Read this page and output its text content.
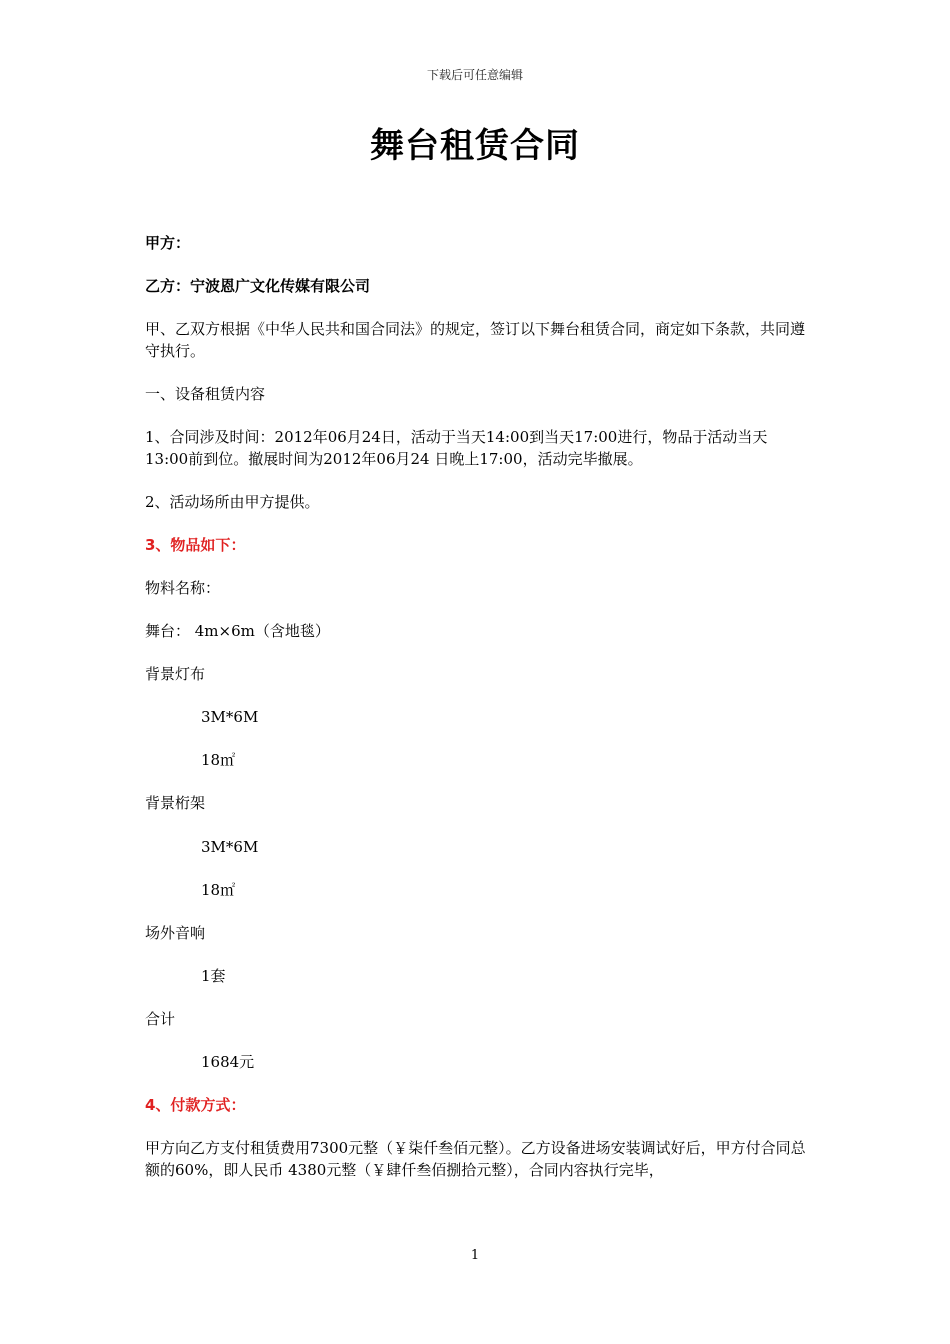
下载后可任意编辑
舞台租赁合同
甲方：
乙方：宁波恩广文化传媒有限公司
甲、乙双方根据《中华人民共和国合同法》的规定，签订以下舞台租赁合同，商定如下条款，共同遵守执行。
一、设备租赁内容
1、合同涉及时间：2012年06月24日，活动于当天14:00到当天17:00进行，物品于活动当天13:00前到位。撤展时间为2012年06月24 日晚上17:00，活动完毕撤展。
2、活动场所由甲方提供。
3、物品如下：
物料名称：
舞台： 4m×6m（含地毯）
背景灯布
3M*6M
18㎡
背景桁架
3M*6M
18㎡
场外音响
1套
合计
1684元
4、付款方式：
甲方向乙方支付租赁费用7300元整（￥柒仟叁佰元整）。乙方设备进场安装调试好后，甲方付合同总额的60%，即人民币 4380元整（￥肆仟叁佰捌拾元整），合同内容执行完毕，
1
